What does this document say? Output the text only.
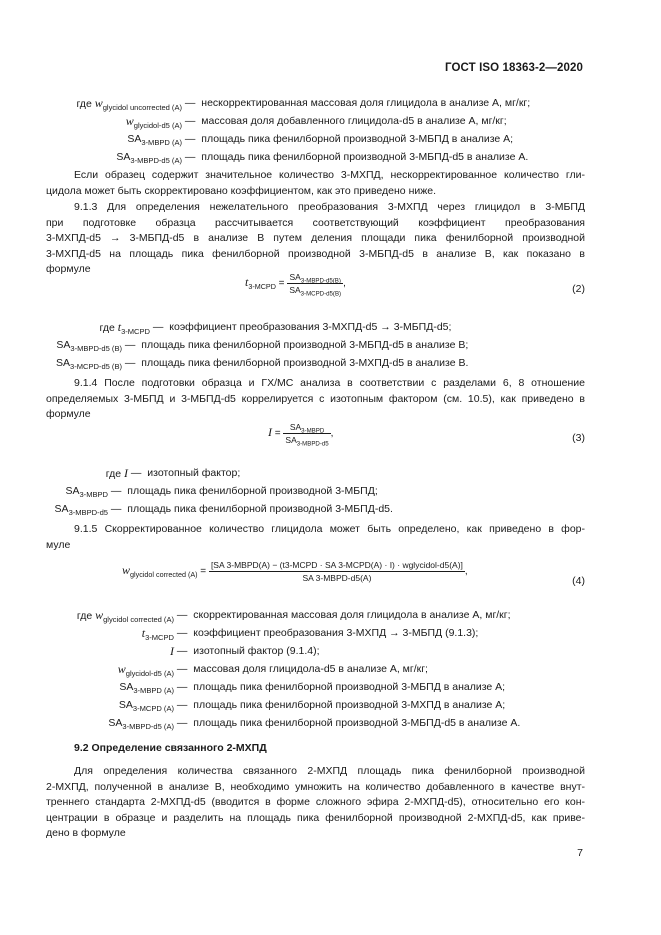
ГОСТ ISO 18363-2—2020
где $w_{glycidol uncorrected (A)}$ —  нескорректированная массовая доля глицидола в анализе А, мг/кг;
$w_{glycidol-d5 (A)}$ —  массовая доля добавленного глицидола-d5 в анализе А, мг/кг;
$SA_{3-MBPD (A)}$ —  площадь пика фенилборной производной 3-МБПД в анализе А;
$SA_{3-MBPD-d5 (A)}$ —  площадь пика фенилборной производной 3-МБПД-d5 в анализе А.
Если образец содержит значительное количество 3-МХПД, нескорректированное количество гли-
цидола может быть скорректировано коэффициентом, как это приведено ниже.
9.1.3 Для определения нежелательного преобразования 3-МХПД через глицидол в 3-МБПД
при подготовке образца рассчитывается соответствующий коэффициент преобразования
3-МХПД-d5 → 3-МБПД-d5 в анализе В путем деления площади пика фенилборной производной
3-МХПД-d5 на площадь пика фенилборной производной 3-МБПД-d5 в анализе В, как показано в
формуле
$t_{3-MCPD} = \frac{SA_{3-MBPD-d5(B)}}{SA_{3-MCPD-d5(B)}}$ ,	(2)
где $t_{3-MCPD}$ —  коэффициент преобразования 3-МХПД-d5 → 3-МБПД-d5;
$SA_{3-MBPD-d5 (B)}$ —  площадь пика фенилборной производной 3-МБПД-d5 в анализе В;
$SA_{3-MCPD-d5 (B)}$ —  площадь пика фенилборной производной 3-МХПД-d5 в анализе В.
9.1.4 После подготовки образца и ГХ/МС анализа в соответствии с разделами 6, 8 отношение
определяемых 3-МБПД и 3-МБПД-d5 коррелируется с изотопным фактором (см. 10.5), как приведено в
формуле
$I = \frac{SA_{3-MBPD}}{SA_{3-MBPD-d5}}$ ,	(3)
где I —  изотопный фактор;
$SA_{3-MBPD}$ —  площадь пика фенилборной производной 3-МБПД;
$SA_{3-MBPD-d5}$ —  площадь пика фенилборной производной 3-МБПД-d5.
9.1.5 Скорректированное количество глицидола может быть определено, как приведено в фор-
муле
$w_{glycidol corrected (A)}$ =
[SA 3-MBPD(A) − (t3-MCPD · SA 3-MCPD(A) · I) · wglycidol-d5(A)]
SA 3-MBPD-d5(A)
,
(4)
где $w_{glycidol corrected (A)}$ —  скорректированная массовая доля глицидола в анализе А, мг/кг;
$t_{3-MCPD}$ —  коэффициент преобразования 3-МХПД → 3-МБПД (9.1.3);
I —  изотопный фактор (9.1.4);
$w_{glycidol-d5 (A)}$ —  массовая доля глицидола-d5 в анализе А, мг/кг;
$SA_{3-MBPD (A)}$ —  площадь пика фенилборной производной 3-МБПД в анализе А;
$SA_{3-MCPD (A)}$ —  площадь пика фенилборной производной 3-МХПД в анализе А;
$SA_{3-MBPD-d5 (A)}$ —  площадь пика фенилборной производной 3-МБПД-d5 в анализе А.
9.2 Определение связанного 2-МХПД
Для определения количества связанного 2-МХПД площадь пика фенилборной производной
2-МХПД, полученной в анализе В, необходимо умножить на количество добавленного в качестве внут-
треннего стандарта 2-МХПД-d5 (вводится в форме сложного эфира 2-МХПД-d5), относительно его кон-
центрации в образце и разделить на площадь пика фенилборной производной 2-МХПД-d5, как приве-
дено в формуле
7
